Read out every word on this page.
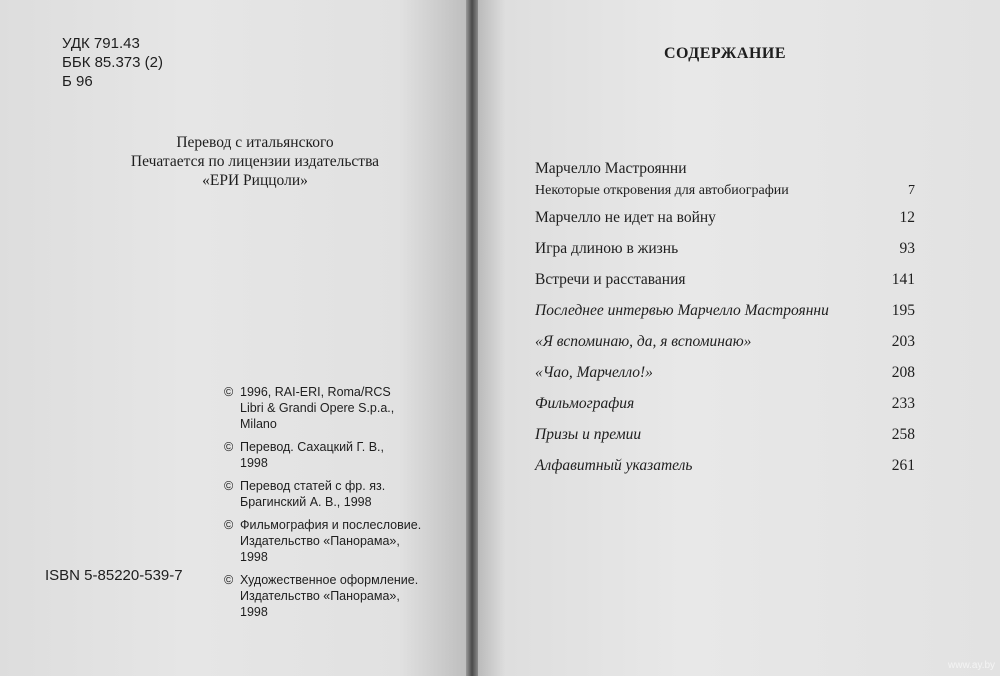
УДК 791.43
ББК 85.373 (2)
Б 96
Перевод с итальянского
Печатается по лицензии издательства
«ЕРИ Риццоли»
© 1996, RAI-ERI, Roma/RCS
Libri & Grandi Opere S.p.a.,
Milano
© Перевод. Сахацкий Г. В.,
1998
© Перевод статей с фр. яз.
Брагинский А. В., 1998
© Фильмография и послесловие.
Издательство «Панорама»,
1998
© Художественное оформление.
Издательство «Панорама»,
1998
ISBN 5-85220-539-7
СОДЕРЖАНИЕ
Марчелло Мастроянни
Некоторые откровения для автобиографии	7
Марчелло не идет на войну	12
Игра длиною в жизнь	93
Встречи и расставания	141
Последнее интервью Марчелло Мастроянни	195
«Я вспоминаю, да, я вспоминаю»	203
«Чао, Марчелло!»	208
Фильмография	233
Призы и премии	258
Алфавитный указатель	261
www.ay.by
